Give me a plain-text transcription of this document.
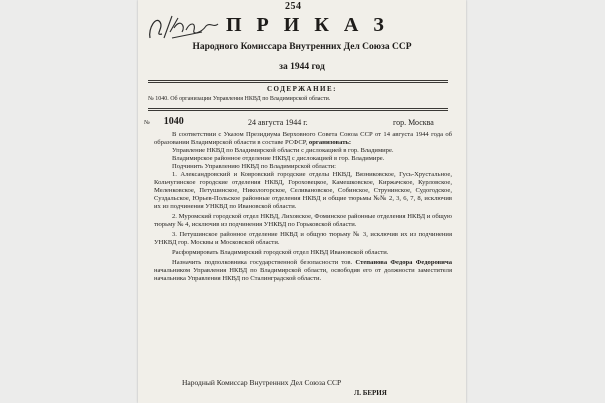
254
П Р И К А З
Народного Комиссара Внутренних Дел Союза ССР
за 1944 год
СОДЕРЖАНИЕ:
№ 1040. Об организации Управления НКВД по Владимирской области.
№ 1040	24 августа 1944 г.	гор. Москва

В соответствии с Указом Президиума Верховного Совета Союза ССР от 14 августа 1944 года об образовании Владимирской области в составе РСФСР, организовать:

Управление НКВД по Владимирской области с дислокацией в гор. Владимире.

Владимирское районное отделение НКВД с дислокацией в гор. Владимире.

Подчинить Управлению НКВД по Владимирской области:

1. Александровский и Ковровский городские отделы НКВД, Вязниковское, Гусь-Хрустальное, Кольчугинское городские отделения НКВД, Гороховецкое, Камешковское, Киржачское, Курловское, Меленковское, Петушинское, Никологорское, Селивановское, Собинское, Струнинское, Судогодское, Суздальское, Юрьев-Польское районные отделения НКВД и общие тюрьмы №№ 2, 3, 6, 7, 8, исключив их из подчинения УНКВД по Ивановской области.

2. Муромский городской отдел НКВД, Лиховское, Фоминское районные отделения НКВД и общую тюрьму № 4, исключив из подчинения УНКВД по Горьковской области.

3. Петушинское районное отделение НКВД и общую тюрьму № 3, исключив их из подчинения УНКВД гор. Москвы и Московской области.

Расформировать Владимирский городской отдел НКВД Ивановской области.

Назначить подполковника государственной безопасности тов. Степанова Федора Федоровича начальником Управления НКВД по Владимирской области, освободив его от должности заместителя начальника Управления НКВД по Сталинградской области.

Народный Комиссар Внутренних Дел Союза ССР
Л. БЕРИЯ
